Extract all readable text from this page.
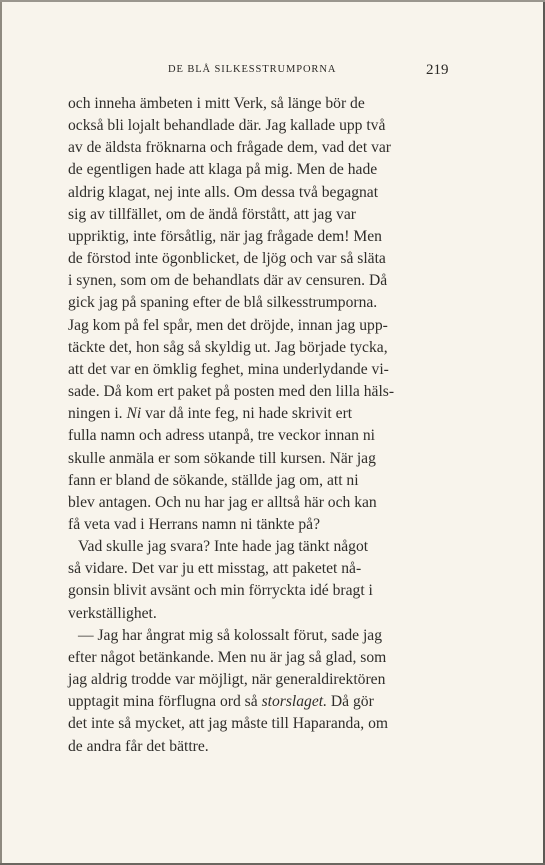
DE BLÅ SILKESSTRUMPORNA	219

och inneha ämbeten i mitt Verk, så länge bör de
också bli lojalt behandlade där. Jag kallade upp två
av de äldsta fröknarna och frågade dem, vad det var
de egentligen hade att klaga på mig. Men de hade
aldrig klagat, nej inte alls. Om dessa två begagnat
sig av tillfället, om de ändå förstått, att jag var
uppriktig, inte försåtlig, när jag frågade dem! Men
de förstod inte ögonblicket, de ljög och var så släta
i synen, som om de behandlats där av censuren. Då
gick jag på spaning efter de blå silkesstrumporna.
Jag kom på fel spår, men det dröjde, innan jag upp-
täckte det, hon såg så skyldig ut. Jag började tycka,
att det var en ömklig feghet, mina underlydande vi-
sade. Då kom ert paket på posten med den lilla häls-
ningen i. Ni var då inte feg, ni hade skrivit ert
fulla namn och adress utanpå, tre veckor innan ni
skulle anmäla er som sökande till kursen. När jag
fann er bland de sökande, ställde jag om, att ni
blev antagen. Och nu har jag er alltså här och kan
få veta vad i Herrans namn ni tänkte på?

Vad skulle jag svara? Inte hade jag tänkt något
så vidare. Det var ju ett misstag, att paketet nå-
gonsin blivit avsänt och min förryckta idé bragt i
verkställighet.

— Jag har ångrat mig så kolossalt förut, sade jag
efter något betänkande. Men nu är jag så glad, som
jag aldrig trodde var möjligt, när generaldirektören
upptagit mina förflugna ord så storslaget. Då gör
det inte så mycket, att jag måste till Haparanda, om
de andra får det bättre.
